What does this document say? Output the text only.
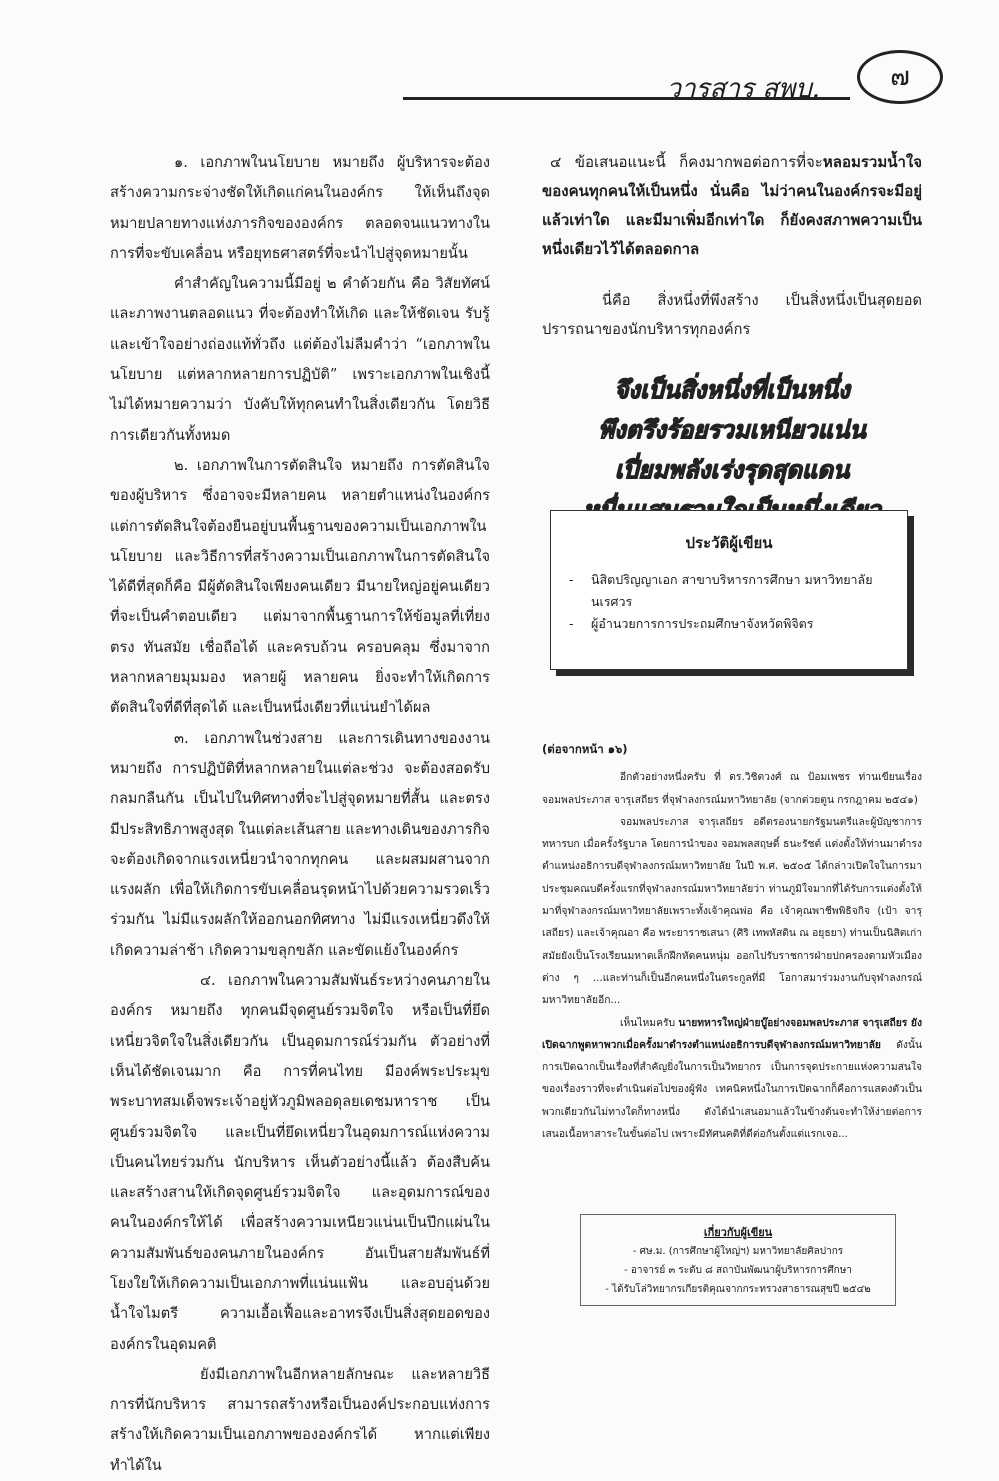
๗
วารสาร สพบ.

๑. เอกภาพในนโยบาย หมายถึง ผู้บริหารจะต้องสร้างความกระจ่างชัดให้เกิดแก่คนในองค์กร ให้เห็นถึงจุดหมายปลายทางแห่งภารกิจขององค์กร ตลอดจนแนวทางในการที่จะขับเคลื่อน หรือยุทธศาสตร์ที่จะนำไปสู่จุดหมายนั้น

คำสำคัญในความนี้มีอยู่ ๒ คำด้วยกัน คือ วิสัยทัศน์และภาพงานตลอดแนว ที่จะต้องทำให้เกิด และให้ชัดเจน รับรู้ และเข้าใจอย่างถ่องแท้ทั่วถึง แต่ต้องไม่ลืมคำว่า “เอกภาพในนโยบาย แต่หลากหลายการปฏิบัติ” เพราะเอกภาพในเชิงนี้ ไม่ได้หมายความว่า บังคับให้ทุกคนทำในสิ่งเดียวกัน โดยวิธีการเดียวกันทั้งหมด

๒. เอกภาพในการตัดสินใจ หมายถึง การตัดสินใจของผู้บริหาร ซึ่งอาจจะมีหลายคน หลายตำแหน่งในองค์กร แต่การตัดสินใจต้องยืนอยู่บนพื้นฐานของความเป็นเอกภาพในนโยบาย และวิธีการที่สร้างความเป็นเอกภาพในการตัดสินใจได้ดีที่สุดก็คือ มีผู้ตัดสินใจเพียงคนเดียว มีนายใหญ่อยู่คนเดียวที่จะเป็นคำตอบเดียว แต่มาจากพื้นฐานการให้ข้อมูลที่เที่ยงตรง ทันสมัย เชื่อถือได้ และครบถ้วน ครอบคลุม ซึ่งมาจากหลากหลายมุมมอง หลายผู้ หลายคน ยิ่งจะทำให้เกิดการตัดสินใจที่ดีที่สุดได้ และเป็นหนึ่งเดียวที่แน่นยำได้ผล

๓. เอกภาพในช่วงสาย และการเดินทางของงาน หมายถึง การปฏิบัติที่หลากหลายในแต่ละช่วง จะต้องสอดรับกลมกลืนกัน เป็นไปในทิศทางที่จะไปสู่จุดหมายที่สั้น และตรง มีประสิทธิภาพสูงสุด ในแต่ละเส้นสาย และทางเดินของภารกิจจะต้องเกิดจากแรงเหนี่ยวนำจากทุกคน และผสมผสานจากแรงผลัก เพื่อให้เกิดการขับเคลื่อนรุดหน้าไปด้วยความรวดเร็วร่วมกัน ไม่มีแรงผลักให้ออกนอกทิศทาง ไม่มีแรงเหนี่ยวดึงให้เกิดความล่าช้า เกิดความขลุกขลัก และขัดแย้งในองค์กร

๔. เอกภาพในความสัมพันธ์ระหว่างคนภายในองค์กร หมายถึง ทุกคนมีจุดศูนย์รวมจิตใจ หรือเป็นที่ยึดเหนี่ยวจิตใจในสิ่งเดียวกัน เป็นอุดมการณ์ร่วมกัน ตัวอย่างที่เห็นได้ชัดเจนมาก คือ การที่คนไทย มีองค์พระประมุขพระบาทสมเด็จพระเจ้าอยู่หัวภูมิพลอดุลยเดชมหาราช เป็นศูนย์รวมจิตใจ และเป็นที่ยึดเหนี่ยวในอุดมการณ์แห่งความเป็นคนไทยร่วมกัน นักบริหาร เห็นตัวอย่างนี้แล้ว ต้องสืบค้น และสร้างสานให้เกิดจุดศูนย์รวมจิตใจ และอุดมการณ์ของคนในองค์กรให้ได้ เพื่อสร้างความเหนียวแน่นเป็นปึกแผ่นในความสัมพันธ์ของคนภายในองค์กร อันเป็นสายสัมพันธ์ที่โยงใยให้เกิดความเป็นเอกภาพที่แน่นแฟ้น และอบอุ่นด้วยน้ำใจไมตรี ความเอื้อเฟื้อและอาทรจึงเป็นสิ่งสุดยอดขององค์กรในอุดมคติ

ยังมีเอกภาพในอีกหลายลักษณะ และหลายวิธีการที่นักบริหาร สามารถสร้างหรือเป็นองค์ประกอบแห่งการสร้างให้เกิดความเป็นเอกภาพขององค์กรได้ หากแต่เพียงทำได้ใน

๔ ข้อเสนอแนะนี้ ก็คงมากพอต่อการที่จะหลอมรวมน้ำใจของคนทุกคนให้เป็นหนึ่ง นั่นคือ ไม่ว่าคนในองค์กรจะมีอยู่แล้วเท่าใด และมีมาเพิ่มอีกเท่าใด ก็ยังคงสภาพความเป็นหนึ่งเดียวไว้ได้ตลอดกาล

นี่คือ สิ่งหนึ่งที่พึงสร้าง เป็นสิ่งหนึ่งเป็นสุดยอดปรารถนาของนักบริหารทุกองค์กร

จึงเป็นสิ่งหนึ่งที่เป็นหนึ่ง
พึงตรึงร้อยรวมเหนียวแน่น
เปี่ยมพลังเร่งรุดสุดแดน
ประวัติผู้เขียน
- นิสิตปริญญาเอก สาขาบริหารการศึกษา มหาวิทยาลัยนเรศวร
- ผู้อำนวยการการประถมศึกษาจังหวัดพิจิตร

(ต่อจากหน้า ๑๖)

อีกตัวอย่างหนึ่งครับ ที่ ดร.วิชิตวงศ์ ณ ป้อมเพชร ท่านเขียนเรื่องจอมพลประภาส จารุเสถียร ที่จุฬาลงกรณ์มหาวิทยาลัย (จากต่วยตูน กรกฎาคม ๒๕๔๑)

จอมพลประภาส จารุเสถียร อดีตรองนายกรัฐมนตรีและผู้บัญชาการทหารบก เมื่อครั้งรัฐบาล โดยการนำของ จอมพลสฤษดิ์ ธนะรัชต์ แต่งตั้งให้ท่านมาดำรงตำแหน่งอธิการบดีจุฬาลงกรณ์มหาวิทยาลัย ในปี พ.ศ. ๒๕๐๕ ได้กล่าวเปิดใจในการมาประชุมคณบดีครั้งแรกที่จุฬาลงกรณ์มหาวิทยาลัยว่า ท่านภูมิใจมากที่ได้รับการแต่งตั้งให้มาที่จุฬาลงกรณ์มหาวิทยาลัยเพราะทั้งเจ้าคุณพ่อ คือ เจ้าคุณพาชีพพิธิจกิจ (เป้า จารุเสถียร) และเจ้าคุณอา คือ พระยาราชเสนา (ศิริ เทพหัสดิน ณ อยุธยา) ท่านเป็นนิสิตเก่า สมัยยังเป็นโรงเรียนมหาดเล็กฝึกหัดคนหนุ่ม ออกไปรับราชการฝ่ายปกครองตามหัวเมืองต่าง ๆ ...และท่านก็เป็นอีกคนหนึ่งในตระกูลที่มี โอกาสมาร่วมงานกับจุฬาลงกรณ์มหาวิทยาลัยอีก...

เห็นไหมครับ นายทหารใหญ่ฝ่ายบู๊อย่างจอมพลประภาส จารุเสถียร ยังเปิดฉากพูดหาพวกเมื่อครั้งมาดำรงตำแหน่งอธิการบดีจุฬาลงกรณ์มหาวิทยาลัย ดังนั้นการเปิดฉากเป็นเรื่องที่สำคัญยิ่งในการเป็นวิทยากร เป็นการจุดประกายแห่งความสนใจของเรื่องราวที่จะดำเนินต่อไปของผู้ฟัง เทคนิคหนึ่งในการเปิดฉากก็คือการแสดงตัวเป็นพวกเดียวกันไม่ทางใดก็ทางหนึ่ง ดังได้นำเสนอมาแล้วในข้างต้นจะทำให้ง่ายต่อการเสนอเนื้อหาสาระในขั้นต่อไป เพราะมีทัศนคติที่ดีต่อกันตั้งแต่แรกเจอ...

เกี่ยวกับผู้เขียน
- ศษ.ม. (การศึกษาผู้ใหญ่ฯ) มหาวิทยาลัยศิลปากร
- อาจารย์ ๓ ระดับ ๘ สถาบันพัฒนาผู้บริหารการศึกษา
- ได้รับโล่วิทยากรเกียรติคุณจากกระทรวงสาธารณสุขปี ๒๕๔๒
